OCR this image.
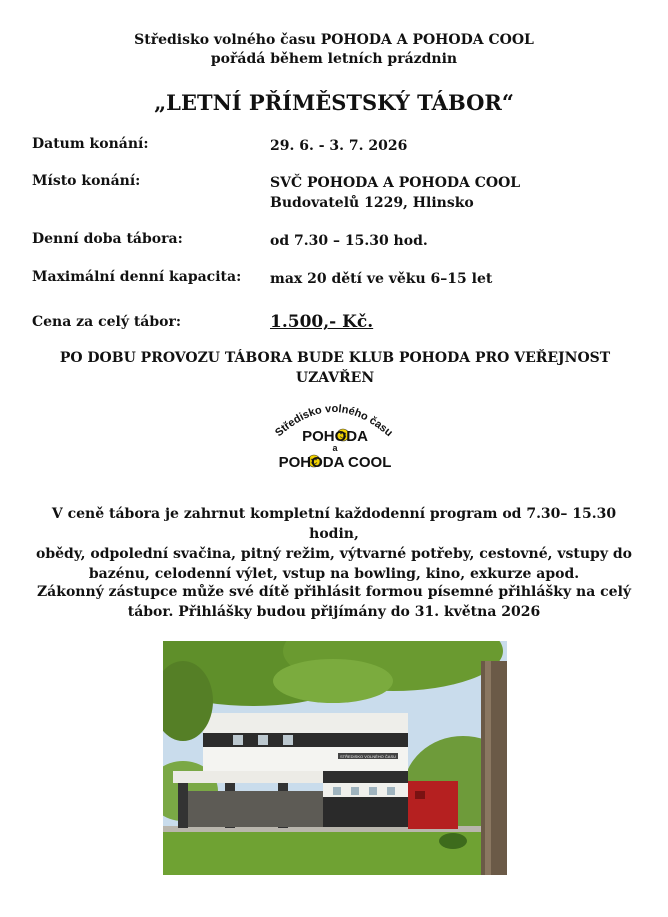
Středisko volného času POHODA A POHODA COOL
pořádá během letních prázdnin
„LETNÍ PŘÍMĚSTSKÝ TÁBOR“
Datum konání:	29. 6. - 3. 7. 2026
Místo konání:	SVČ POHODA A POHODA COOL
Budovatelů 1229, Hlinsko
Denní doba tábora:	od 7.30 – 15.30 hod.
Maximální denní kapacita: max 20 dětí ve věku 6–15 let
Cena za celý tábor:	1.500,- Kč.
PO DOBU PROVOZU TÁBORA BUDE KLUB POHODA PRO VEŘEJNOST
UZAVŘEN
Středisko volného času
POHODA
a
POHODA COOL
V ceně tábora je zahrnut kompletní každodenní program od 7.30– 15.30 hodin,
obědy, odpolední svačina, pitný režim, výtvarné potřeby, cestovné, vstupy do
bazénu, celodenní výlet, vstup na bowling, kino, exkurze apod.
Zákonný zástupce může své dítě přihlásit formou písemné přihlášky na celý
tábor. Přihlášky budou přijímány do 31. května 2026
STŘEDISKO VOLNÉHO ČASU
